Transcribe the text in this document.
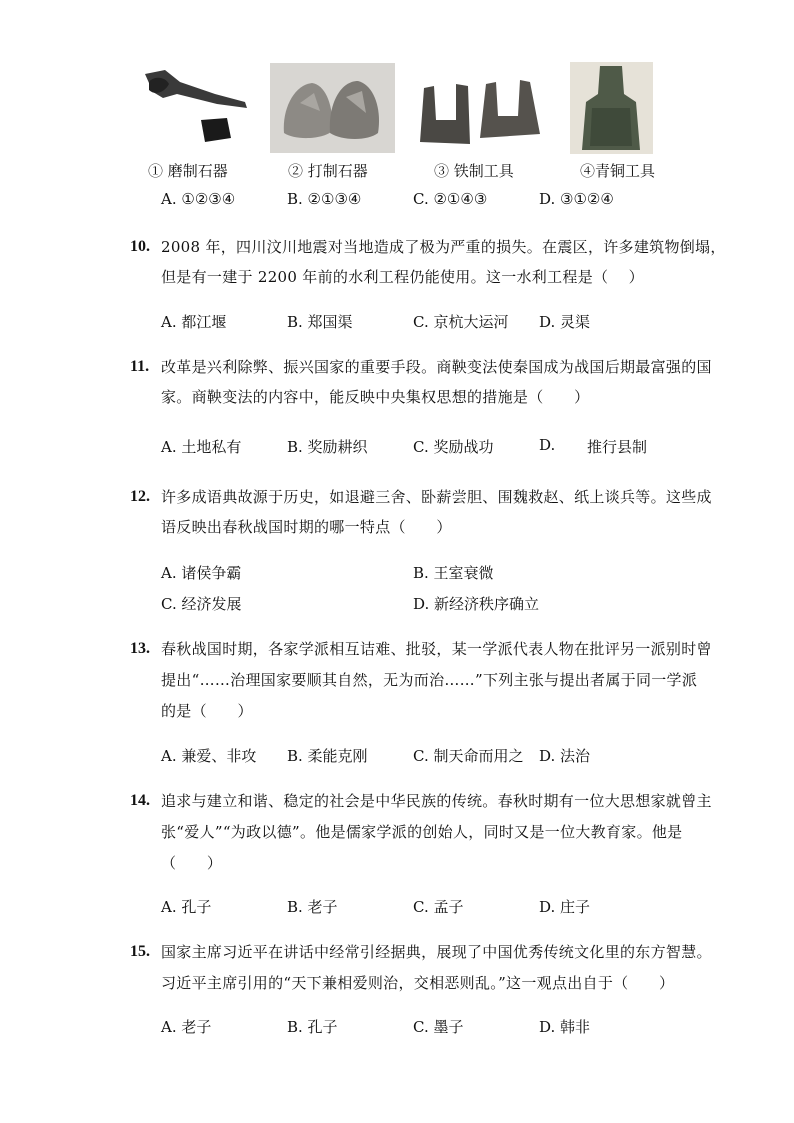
① 磨制石器	② 打制石器	③ 铁制工具	④青铜工具
A. ①②③④	B. ②①③④	C. ②①④③	D. ③①②④
10. 2008 年，四川汶川地震对当地造成了极为严重的损失。在震区，许多建筑物倒塌，
但是有一建于 2200 年前的水利工程仍能使用。这一水利工程是（　 ）
A. 都江堰	B. 郑国渠	C. 京杭大运河 D. 灵渠
11. 改革是兴利除弊、振兴国家的重要手段。商鞅变法使秦国成为战国后期最富强的国
家。商鞅变法的内容中，能反映中央集权思想的措施是（　　）
A. 土地私有	B. 奖励耕织	C. 奖励战功	D. 推行县制
12. 许多成语典故源于历史，如退避三舍、卧薪尝胆、围魏救赵、纸上谈兵等。这些成
语反映出春秋战国时期的哪一特点（　　）
A. 诸侯争霸	B. 王室衰微
C. 经济发展	D. 新经济秩序确立
13. 春秋战国时期，各家学派相互诘难、批驳，某一学派代表人物在批评另一派别时曾
提出“……治理国家要顺其自然，无为而治……”下列主张与提出者属于同一学派
的是（　　）
A. 兼爱、非攻 B. 柔能克刚	C. 制天命而用之 D. 法治
14. 追求与建立和谐、稳定的社会是中华民族的传统。春秋时期有一位大思想家就曾主
张“爱人”“为政以德”。他是儒家学派的创始人，同时又是一位大教育家。他是
（　　）
A. 孔子	B. 老子	C. 孟子	D. 庄子
15. 国家主席习近平在讲话中经常引经据典，展现了中国优秀传统文化里的东方智慧。
习近平主席引用的“天下兼相爱则治，交相恶则乱。”这一观点出自于（　　）
A. 老子	B. 孔子	C. 墨子	D. 韩非
